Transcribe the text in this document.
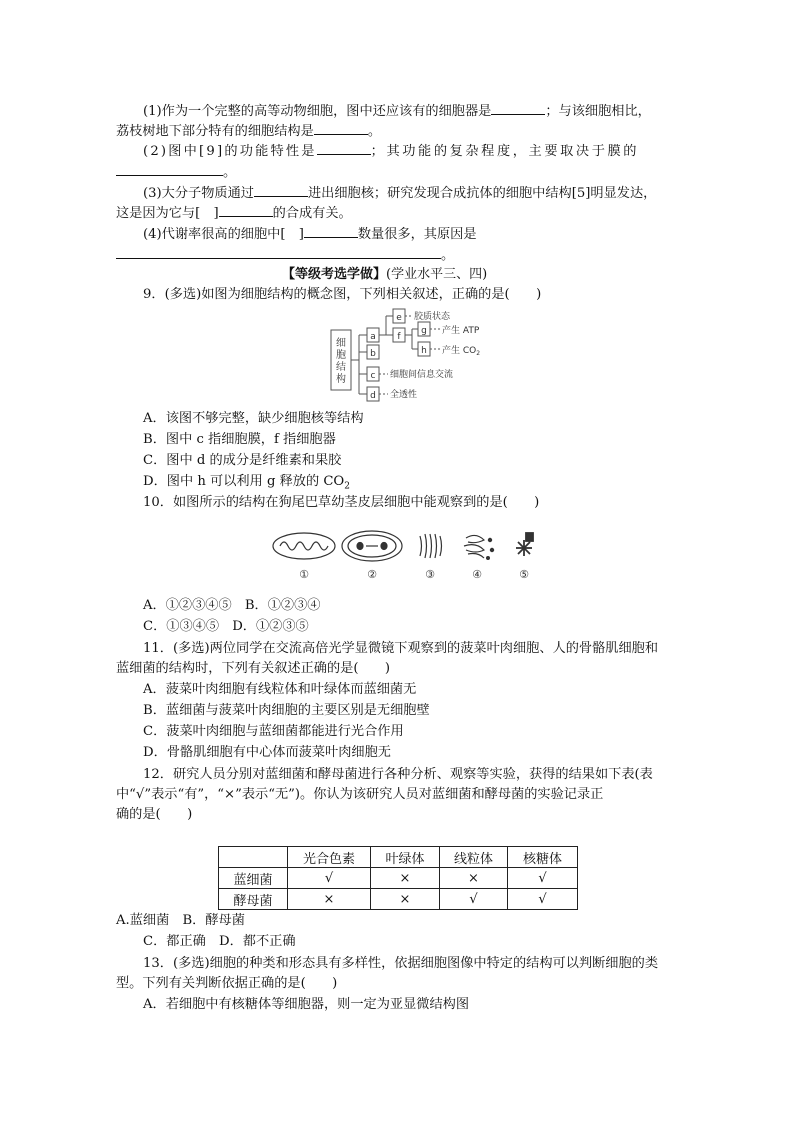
(1)作为一个完整的高等动物细胞，图中还应该有的细胞器是	；与该细胞相比，
荔枝树地下部分特有的细胞结构是	。
(2)图中[9]的功能特性是	；其功能的复杂程度，主要取决于膜的
。
(3)大分子物质通过	进出细胞核；研究发现合成抗体的细胞中结构[5]明显发达，
这是因为它与[　]	的合成有关。
(4)代谢率很高的细胞中[　]	数量很多，其原因是
。
【等级考选学做】(学业水平三、四)
9．(多选)如图为细胞结构的概念图，下列相关叙述，正确的是(　　)
细
胞
结
构
a
b
c
d
e
f
g
h
胶质状态
产生 ATP
产生 $CO_2$
细胞间信息交流
全透性
A．该图不够完整，缺少细胞核等结构
B．图中 c 指细胞膜，f 指细胞器
C．图中 d 的成分是纤维素和果胶
D．图中 h 可以利用 g 释放的 $CO_2$
10．如图所示的结构在狗尾巴草幼茎皮层细胞中能观察到的是(　　)
①	②	③	④	⑤
A．①②③④⑤　B．①②③④
C．①③④⑤　D．①②③⑤
11．(多选)两位同学在交流高倍光学显微镜下观察到的菠菜叶肉细胞、人的骨骼肌细胞和
蓝细菌的结构时，下列有关叙述正确的是(　　)
A．菠菜叶肉细胞有线粒体和叶绿体而蓝细菌无
B．蓝细菌与菠菜叶肉细胞的主要区别是无细胞壁
C．菠菜叶肉细胞与蓝细菌都能进行光合作用
D．骨骼肌细胞有中心体而菠菜叶肉细胞无
12．研究人员分别对蓝细菌和酵母菌进行各种分析、观察等实验，获得的结果如下表(表
中“√”表示“有”，“×”表示“无”)。你认为该研究人员对蓝细菌和酵母菌的实验记录正
确的是(　　)
	光合色素	叶绿体	线粒体	核糖体
蓝细菌	√	×	×	√
酵母菌	×	×	√	√
A.蓝细菌　B．酵母菌
C．都正确　D．都不正确
13．(多选)细胞的种类和形态具有多样性，依据细胞图像中特定的结构可以判断细胞的类
型。下列有关判断依据正确的是(　　)
A．若细胞中有核糖体等细胞器，则一定为亚显微结构图
